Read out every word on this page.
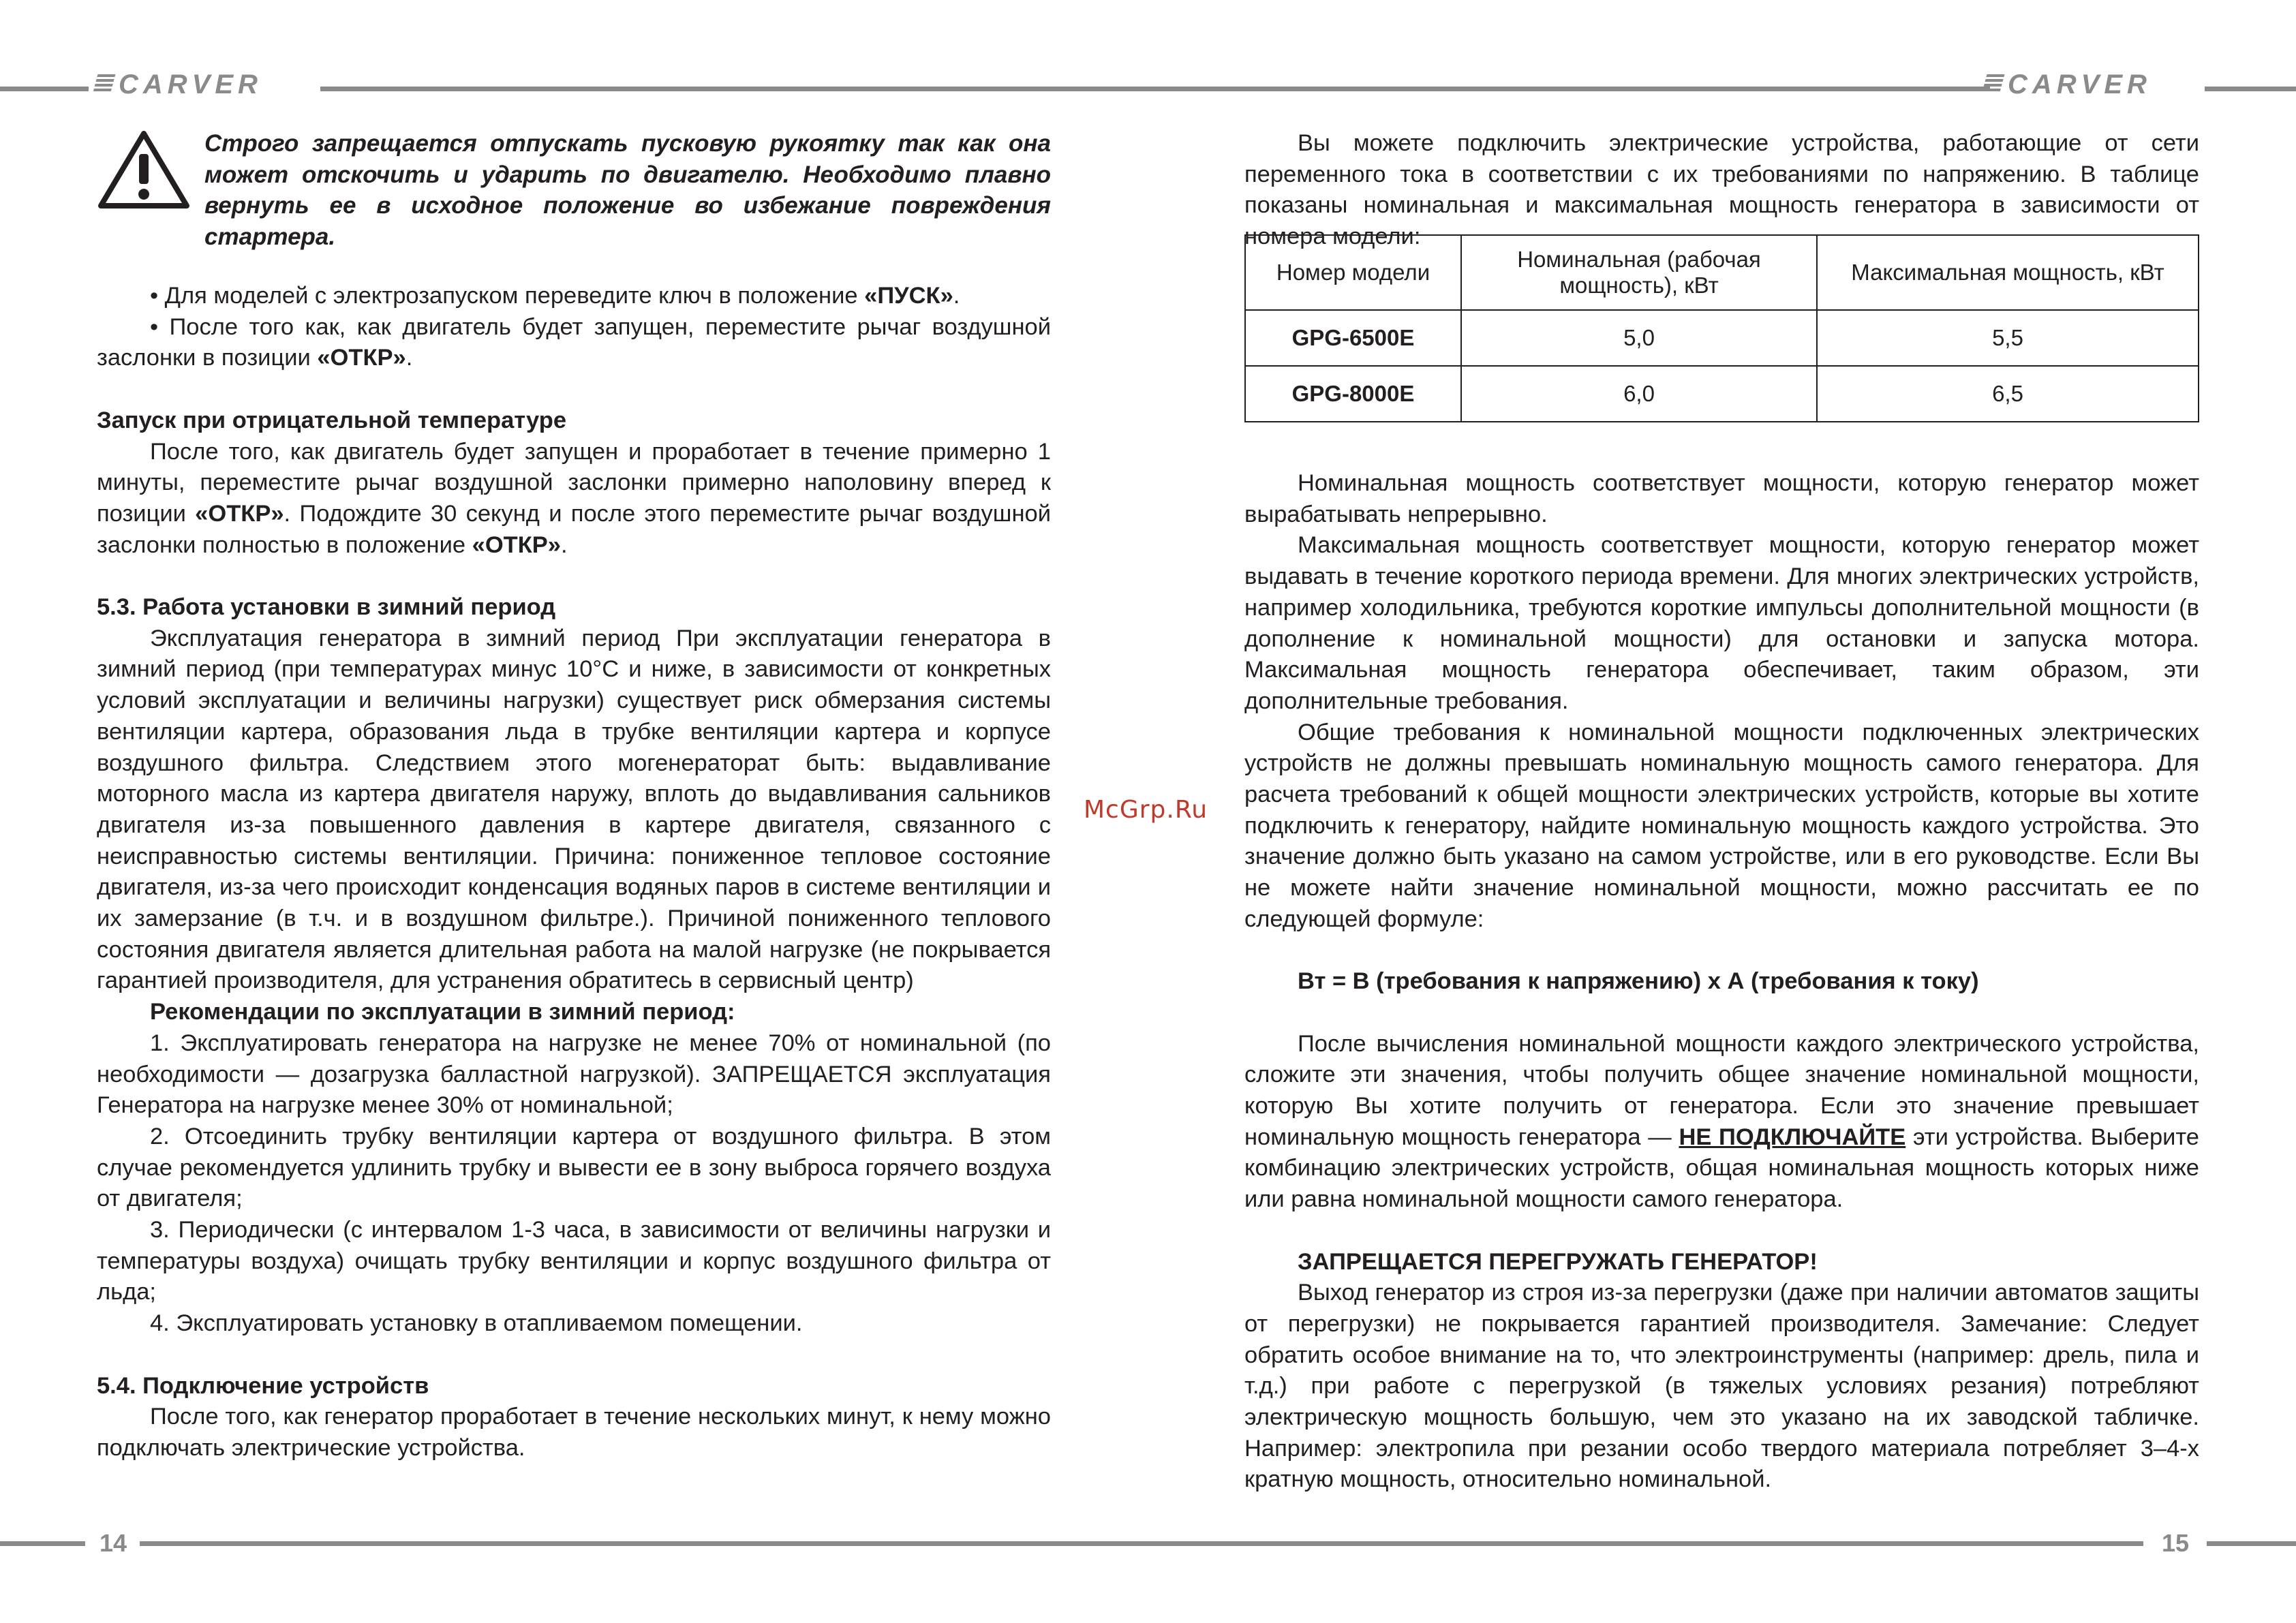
CARVER	CARVER
14	15
McGrp.Ru
Строго запрещается отпускать пусковую рукоятку так как она может отскочить и ударить по двигателю. Необходимо плавно вернуть ее в исходное положение во избежание повреждения стартера.

• Для моделей с электрозапуском переведите ключ в положение «ПУСК».

• После того как, как двигатель будет запущен, переместите рычаг воздушной заслонки в позиции «ОТКР».

Запуск при отрицательной температуре

После того, как двигатель будет запущен и проработает в течение примерно 1 минуты, переместите рычаг воздушной заслонки примерно наполовину вперед к позиции «ОТКР». Подождите 30 секунд и после этого переместите рычаг воздушной заслонки полностью в положение «ОТКР».

5.3. Работа установки в зимний период

Эксплуатация генератора в зимний период При эксплуатации генератора в зимний период (при температурах минус 10°C и ниже, в зависимости от конкретных условий эксплуатации и величины нагрузки) существует риск обмерзания системы вентиляции картера, образования льда в трубке вентиляции картера и корпусе воздушного фильтра. Следствием этого могенераторат быть: выдавливание моторного масла из картера двигателя наружу, вплоть до выдавливания сальников двигателя из-за повышенного давления в картере двигателя, связанного с неисправностью системы вентиляции. Причина: пониженное тепловое состояние двигателя, из-за чего происходит конденсация водяных паров в системе вентиляции и их замерзание (в т.ч. и в воздушном фильтре.). Причиной пониженного теплового состояния двигателя является длительная работа на малой нагрузке (не покрывается гарантией производителя, для устранения обратитесь в сервисный центр)

Рекомендации по эксплуатации в зимний период:

1. Эксплуатировать генератора на нагрузке не менее 70% от номинальной (по необходимости — дозагрузка балластной нагрузкой). ЗАПРЕЩАЕТСЯ эксплуатация Генератора на нагрузке менее 30% от номинальной;

2. Отсоединить трубку вентиляции картера от воздушного фильтра. В этом случае рекомендуется удлинить трубку и вывести ее в зону выброса горячего воздуха от двигателя;

3. Периодически (с интервалом 1-3 часа, в зависимости от величины нагрузки и температуры воздуха) очищать трубку вентиляции и корпус воздушного фильтра от льда;

4. Эксплуатировать установку в отапливаемом помещении.

5.4. Подключение устройств

После того, как генератор проработает в течение нескольких минут, к нему можно подключать электрические устройства.

Вы можете подключить электрические устройства, работающие от сети переменного тока в соответствии с их требованиями по напряжению. В таблице показаны номинальная и максимальная мощность генератора в зависимости от номера модели:

Номер модели	Номинальная (рабочая мощность), кВт	Максимальная мощность, кВт
GPG-6500E	5,0	5,5
GPG-8000E	6,0	6,5

Номинальная мощность соответствует мощности, которую генератор может вырабатывать непрерывно.

Максимальная мощность соответствует мощности, которую генератор может выдавать в течение короткого периода времени. Для многих электрических устройств, например холодильника, требуются короткие импульсы дополнительной мощности (в дополнение к номинальной мощности) для остановки и запуска мотора. Максимальная мощность генератора обеспечивает, таким образом, эти дополнительные требования.

Общие требования к номинальной мощности подключенных электрических устройств не должны превышать номинальную мощность самого генератора. Для расчета требований к общей мощности электрических устройств, которые вы хотите подключить к генератору, найдите номинальную мощность каждого устройства. Это значение должно быть указано на самом устройстве, или в его руководстве. Если Вы не можете найти значение номинальной мощности, можно рассчитать ее по следующей формуле:

Вт = В (требования к напряжению) х А (требования к току)

После вычисления номинальной мощности каждого электрического устройства, сложите эти значения, чтобы получить общее значение номинальной мощности, которую Вы хотите получить от генератора. Если это значение превышает номинальную мощность генератора — НЕ ПОДКЛЮЧАЙТЕ эти устройства. Выберите комбинацию электрических устройств, общая номинальная мощность которых ниже или равна номинальной мощности самого генератора.

ЗАПРЕЩАЕТСЯ ПЕРЕГРУЖАТЬ ГЕНЕРАТОР!

Выход генератор из строя из-за перегрузки (даже при наличии автоматов защиты от перегрузки) не покрывается гарантией производителя. Замечание: Следует обратить особое внимание на то, что электроинструменты (например: дрель, пила и т.д.) при работе с перегрузкой (в тяжелых условиях резания) потребляют электрическую мощность большую, чем это указано на их заводской табличке. Например: электропила при резании особо твердого материала потребляет 3–4-х кратную мощность, относительно номинальной.
